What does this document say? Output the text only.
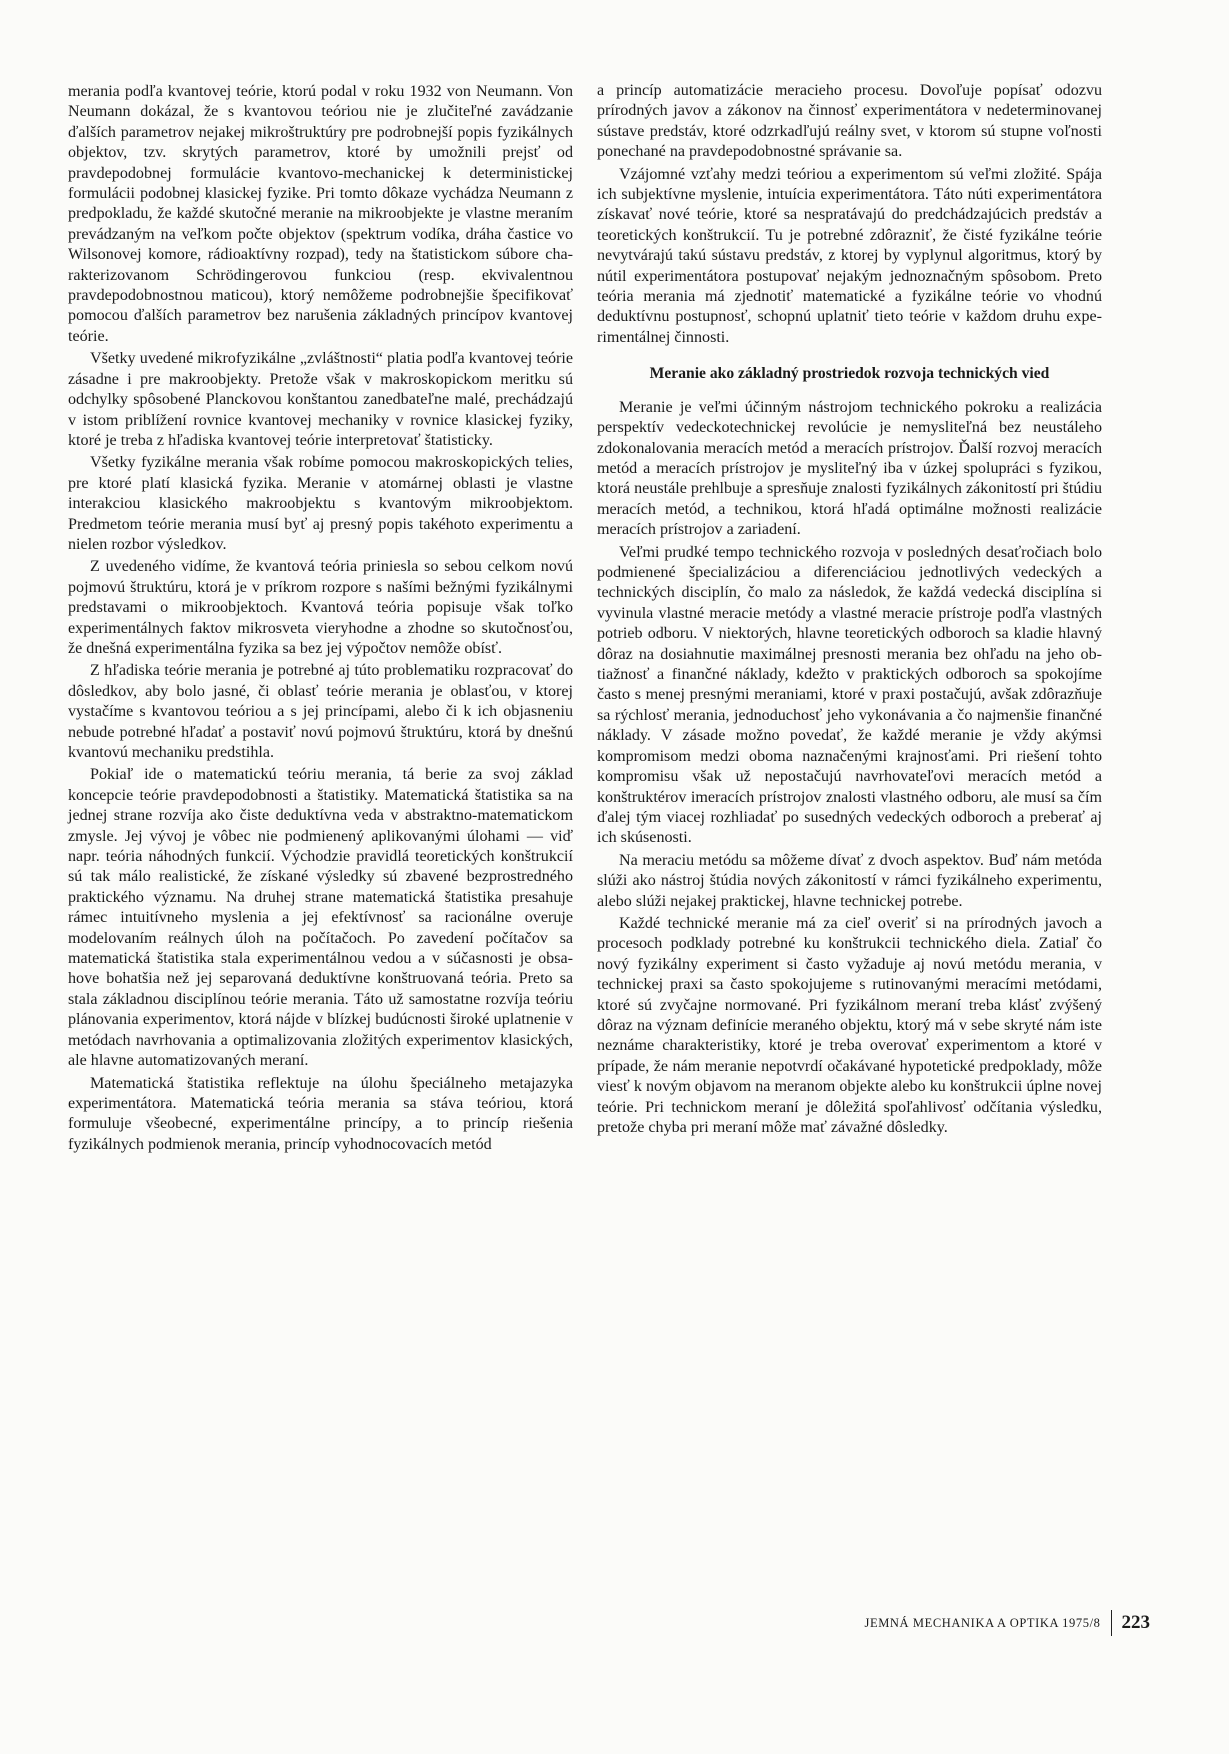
merania podľa kvantovej teórie, ktorú podal v roku 1932 von Neumann. Von Neumann dokázal, že s kvantovou teóriou nie je zlučiteľné zavádzanie ďalších parametrov nejakej mikroštruktúry pre podrobnejší popis fyzikálnych objektov, tzv. skrytých parametrov, ktoré by umožnili prejsť od pravdepodobnej formulácie kvantovo-mechanickej k deterministickej formulácii podobnej klasickej fyzike. Pri tomto dôkaze vychádza Neumann z predpokladu, že každé skutočné meranie na mikroobjekte je vlastne meraním prevádzaným na veľkom počte objektov (spektrum vodíka, dráha častice vo Wilsonovej komore, rádioaktívny rozpad), tedy na štatistickom súbore charakterizovanom Schrödingerovou funkciou (resp. ekvivalentnou pravdepodobnostnou maticou), ktorý nemôžeme podrobnejšie špecifikovať pomocou ďalších parametrov bez narušenia základných princípov kvantovej teórie.

Všetky uvedené mikrofyzikálne „zvláštnosti“ platia podľa kvantovej teórie zásadne i pre makroobjekty. Pretože však v makroskopickom meritku sú odchylky spôsobené Planckovou konštantou zanedbateľne malé, prechádzajú v istom priblížení rovnice kvantovej mechaniky v rovnice klasickej fyziky, ktoré je treba z hľadiska kvantovej teórie interpretovať štatisticky.

Všetky fyzikálne merania však robíme pomocou makroskopických telies, pre ktoré platí klasická fyzika. Meranie v atomárnej oblasti je vlastne interakciou klasického makroobjektu s kvantovým mikroobjektom. Predmetom teórie merania musí byť aj presný popis takéhoto experimentu a nielen rozbor výsledkov.

Z uvedeného vidíme, že kvantová teória priniesla so sebou celkom novú pojmovú štruktúru, ktorá je v príkrom rozpore s našími bežnými fyzikálnymi predstavami o mikroobjektoch. Kvantová teória popisuje však toľko experimentálnych faktov mikrosveta vieryhodne a zhodne so skutočnosťou, že dnešná experimentálna fyzika sa bez jej výpočtov nemôže obísť.

Z hľadiska teórie merania je potrebné aj túto problematiku rozpracovať do dôsledkov, aby bolo jasné, či oblasť teórie merania je oblasťou, v ktorej vystačíme s kvantovou teóriou a s jej princípami, alebo či k ich objasneniu nebude potrebné hľadať a postaviť novú pojmovú štruktúru, ktorá by dnešnú kvantovú mechaniku predstihla.

Pokiaľ ide o matematickú teóriu merania, tá berie za svoj základ koncepcie teórie pravdepodobnosti a štatistiky. Matematická štatistika sa na jednej strane rozvíja ako čiste deduktívna veda v abstraktno-matematickom zmysle. Jej vývoj je vôbec nie podmienený aplikovanými úlohami — viď napr. teória náhodných funkcií. Východzie pravidlá teoretických konštrukcií sú tak málo realistické, že získané výsledky sú zbavené bezprostredného praktického významu. Na druhej strane matematická štatistika presahuje rámec intuitívneho myslenia a jej efektívnosť sa racionálne overuje modelovaním reálnych úloh na počítačoch. Po zavedení počítačov sa matematická štatistika stala experimentálnou vedou a v súčasnosti je obsahove bohatšia než jej separovaná deduktívne konštruovaná teória. Preto sa stala základnou disciplínou teórie merania. Táto už samostatne rozvíja teóriu plánovania experimentov, ktorá nájde v blízkej budúcnosti široké uplatnenie v metódach navrhovania a optimalizovania zložitých experimentov klasických, ale hlavne automatizovaných meraní.

Matematická štatistika reflektuje na úlohu špeciálneho metajazyka experimentátora. Matematická teória merania sa stáva teóriou, ktorá formuluje všeobecné, experimentálne princípy, a to princíp riešenia fyzikálnych podmienok merania, princíp vyhodnocovacích metód

a princíp automatizácie meracieho procesu. Dovoľuje popísať odozvu prírodných javov a zákonov na činnosť experimentátora v nedeterminovanej sústave predstáv, ktoré odzrkadľujú reálny svet, v ktorom sú stupne voľnosti ponechané na pravdepodobnostné správanie sa.

Vzájomné vzťahy medzi teóriou a experimentom sú veľmi zložité. Spája ich subjektívne myslenie, intuícia experimentátora. Táto núti experimentátora získavať nové teórie, ktoré sa nespratávajú do predchádzajúcich predstáv a teoretických konštrukcií. Tu je potrebné zdôrazniť, že čisté fyzikálne teórie nevytvárajú takú sústavu predstáv, z ktorej by vyplynul algoritmus, ktorý by nútil experimentátora postupovať nejakým jednoznačným spôsobom. Preto teória merania má zjednotiť matematické a fyzikálne teórie vo vhodnú deduktívnu postupnosť, schopnú uplatniť tieto teórie v každom druhu experimentálnej činnosti.

Meranie ako základný prostriedok rozvoja technických vied

Meranie je veľmi účinným nástrojom technického pokroku a realizácia perspektív vedeckotechnickej revolúcie je nemysliteľná bez neustáleho zdokonalovania meracích metód a meracích prístrojov. Ďalší rozvoj meracích metód a meracích prístrojov je mysliteľný iba v úzkej spolupráci s fyzikou, ktorá neustále prehlbuje a spresňuje znalosti fyzikálnych zákonitostí pri štúdiu meracích metód, a technikou, ktorá hľadá optimálne možnosti realizácie meracích prístrojov a zariadení.

Veľmi prudké tempo technického rozvoja v posledných desaťročiach bolo podmienené špecializáciou a diferenciáciou jednotlivých vedeckých a technických disciplín, čo malo za následok, že každá vedecká disciplína si vyvinula vlastné meracie metódy a vlastné meracie prístroje podľa vlastných potrieb odboru. V niektorých, hlavne teoretických odboroch sa kladie hlavný dôraz na dosiahnutie maximálnej presnosti merania bez ohľadu na jeho obtiažnosť a finančné náklady, kdežto v praktických odboroch sa spokojíme často s menej presnými meraniami, ktoré v praxi postačujú, avšak zdôrazňuje sa rýchlosť merania, jednoduchosť jeho vykonávania a čo najmenšie finančné náklady. V zásade možno povedať, že každé meranie je vždy akýmsi kompromisom medzi oboma naznačenými krajnosťami. Pri riešení tohto kompromisu však už nepostačujú navrhovateľovi meracích metód a konštruktérov imeracích prístrojov znalosti vlastného odboru, ale musí sa čím ďalej tým viacej rozhliadať po susedných vedeckých odboroch a preberať aj ich skúsenosti.

Na meraciu metódu sa môžeme dívať z dvoch aspektov. Buď nám metóda slúži ako nástroj štúdia nových zákonitostí v rámci fyzikálneho experimentu, alebo slúži nejakej praktickej, hlavne technickej potrebe.

Každé technické meranie má za cieľ overiť si na prírodných javoch a procesoch podklady potrebné ku konštrukcii technického diela. Zatiaľ čo nový fyzikálny experiment si často vyžaduje aj novú metódu merania, v technickej praxi sa často spokojujeme s rutinovanými meracími metódami, ktoré sú zvyčajne normované. Pri fyzikálnom meraní treba klásť zvýšený dôraz na význam definície meraného objektu, ktorý má v sebe skryté nám iste neznáme charakteristiky, ktoré je treba overovať experimentom a ktoré v prípade, že nám meranie nepotvrdí očakávané hypotetické predpoklady, môže viesť k novým objavom na meranom objekte alebo ku konštrukcii úplne novej teórie. Pri technickom meraní je dôležitá spoľahlivosť odčítania výsledku, pretože chyba pri meraní môže mať závažné dôsledky.

JEMNÁ MECHANIKA A OPTIKA 1975/8 223
